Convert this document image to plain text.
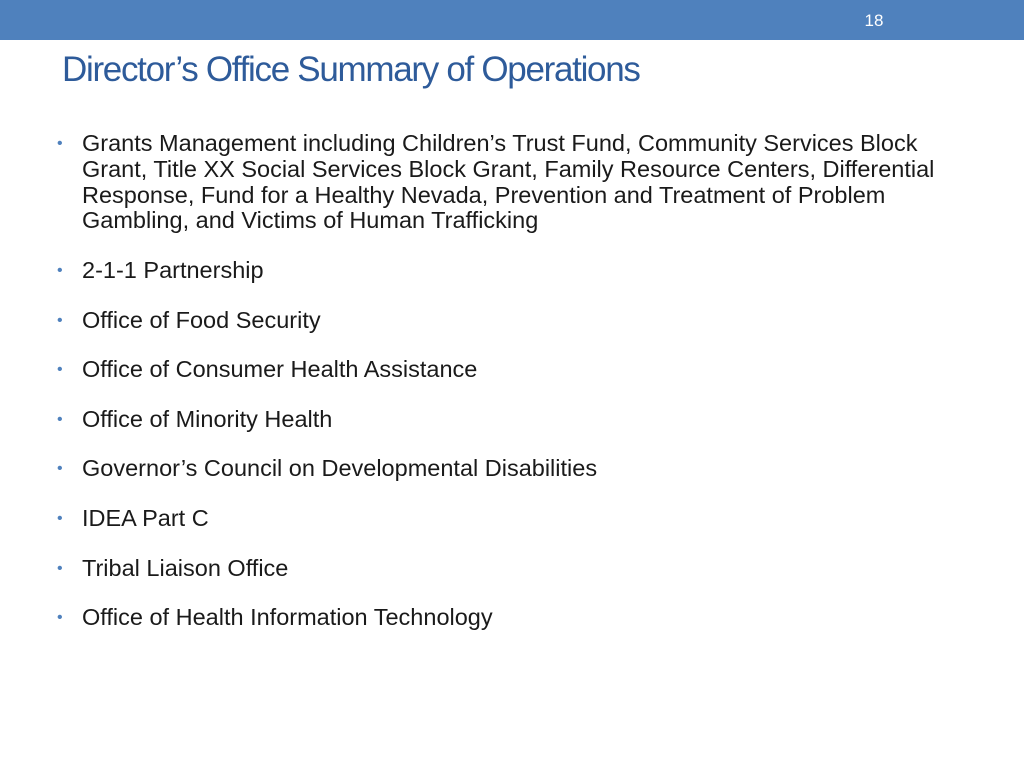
18
Director’s Office Summary of Operations
• Grants Management including Children’s Trust Fund, Community Services Block Grant, Title XX Social Services Block Grant, Family Resource Centers, Differential Response, Fund for a Healthy Nevada, Prevention and Treatment of Problem Gambling, and Victims of Human Trafficking
• 2-1-1 Partnership
• Office of Food Security
• Office of Consumer Health Assistance
• Office of Minority Health
• Governor’s Council on Developmental Disabilities
• IDEA Part C
• Tribal Liaison Office
• Office of Health Information Technology
